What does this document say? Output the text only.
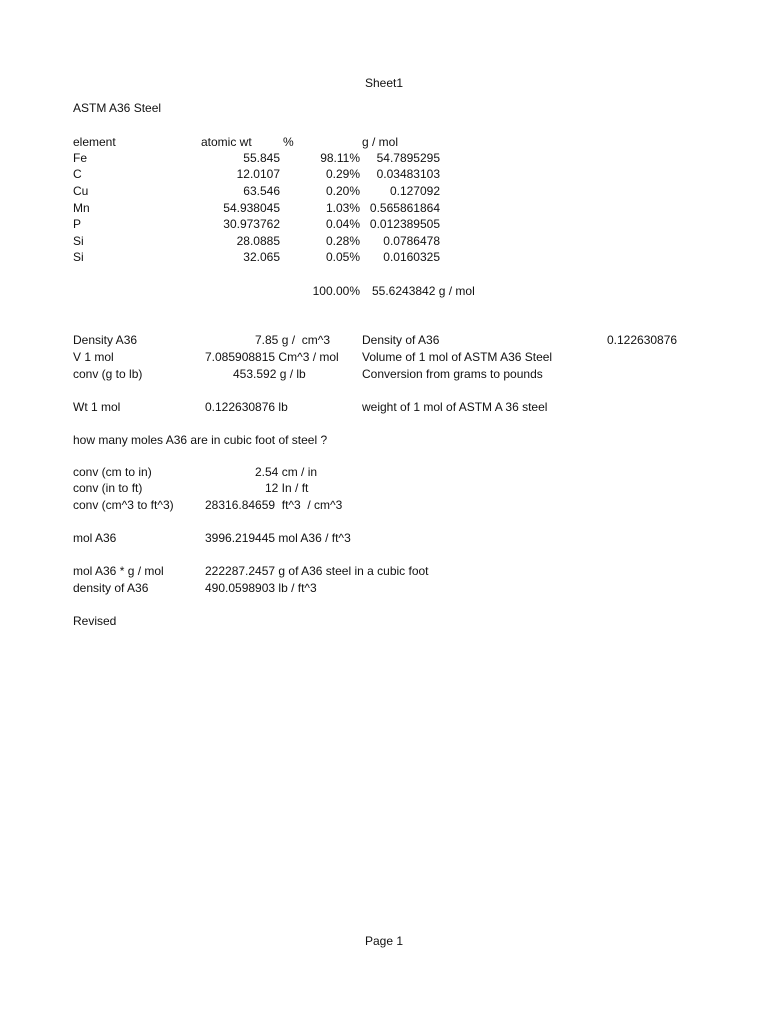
Sheet1
ASTM A36 Steel
element	atomic wt	%	g / mol
Fe	55.845	98.11%	54.7895295
C	12.0107	0.29%	0.03483103
Cu	63.546	0.20%	0.127092
Mn	54.938045	1.03% 0.565861864
P	30.973762	0.04% 0.012389505
Si	28.0885	0.28%	0.0786478
Si	32.065	0.05%	0.0160325
100.00% 55.6243842 g / mol
Density A36	7.85 g /  cm^3	Density of A36	0.122630876
V 1 mol	7.085908815 Cm^3 / mol Volume of 1 mol of ASTM A36 Steel
conv (g to lb)	453.592 g / lb	Conversion from grams to pounds
Wt 1 mol	0.122630876 lb	weight of 1 mol of ASTM A 36 steel
how many moles A36 are in cubic foot of steel ?
conv (cm to in)	2.54 cm / in
conv (in to ft)	12 In / ft
conv (cm^3 to ft^3)	28316.84659  ft^3  / cm^3
mol A36	3996.219445 mol A36 / ft^3
mol A36 * g / mol	222287.2457 g of A36 steel in a cubic foot
density of A36	490.0598903 lb / ft^3
Revised
Page 1
